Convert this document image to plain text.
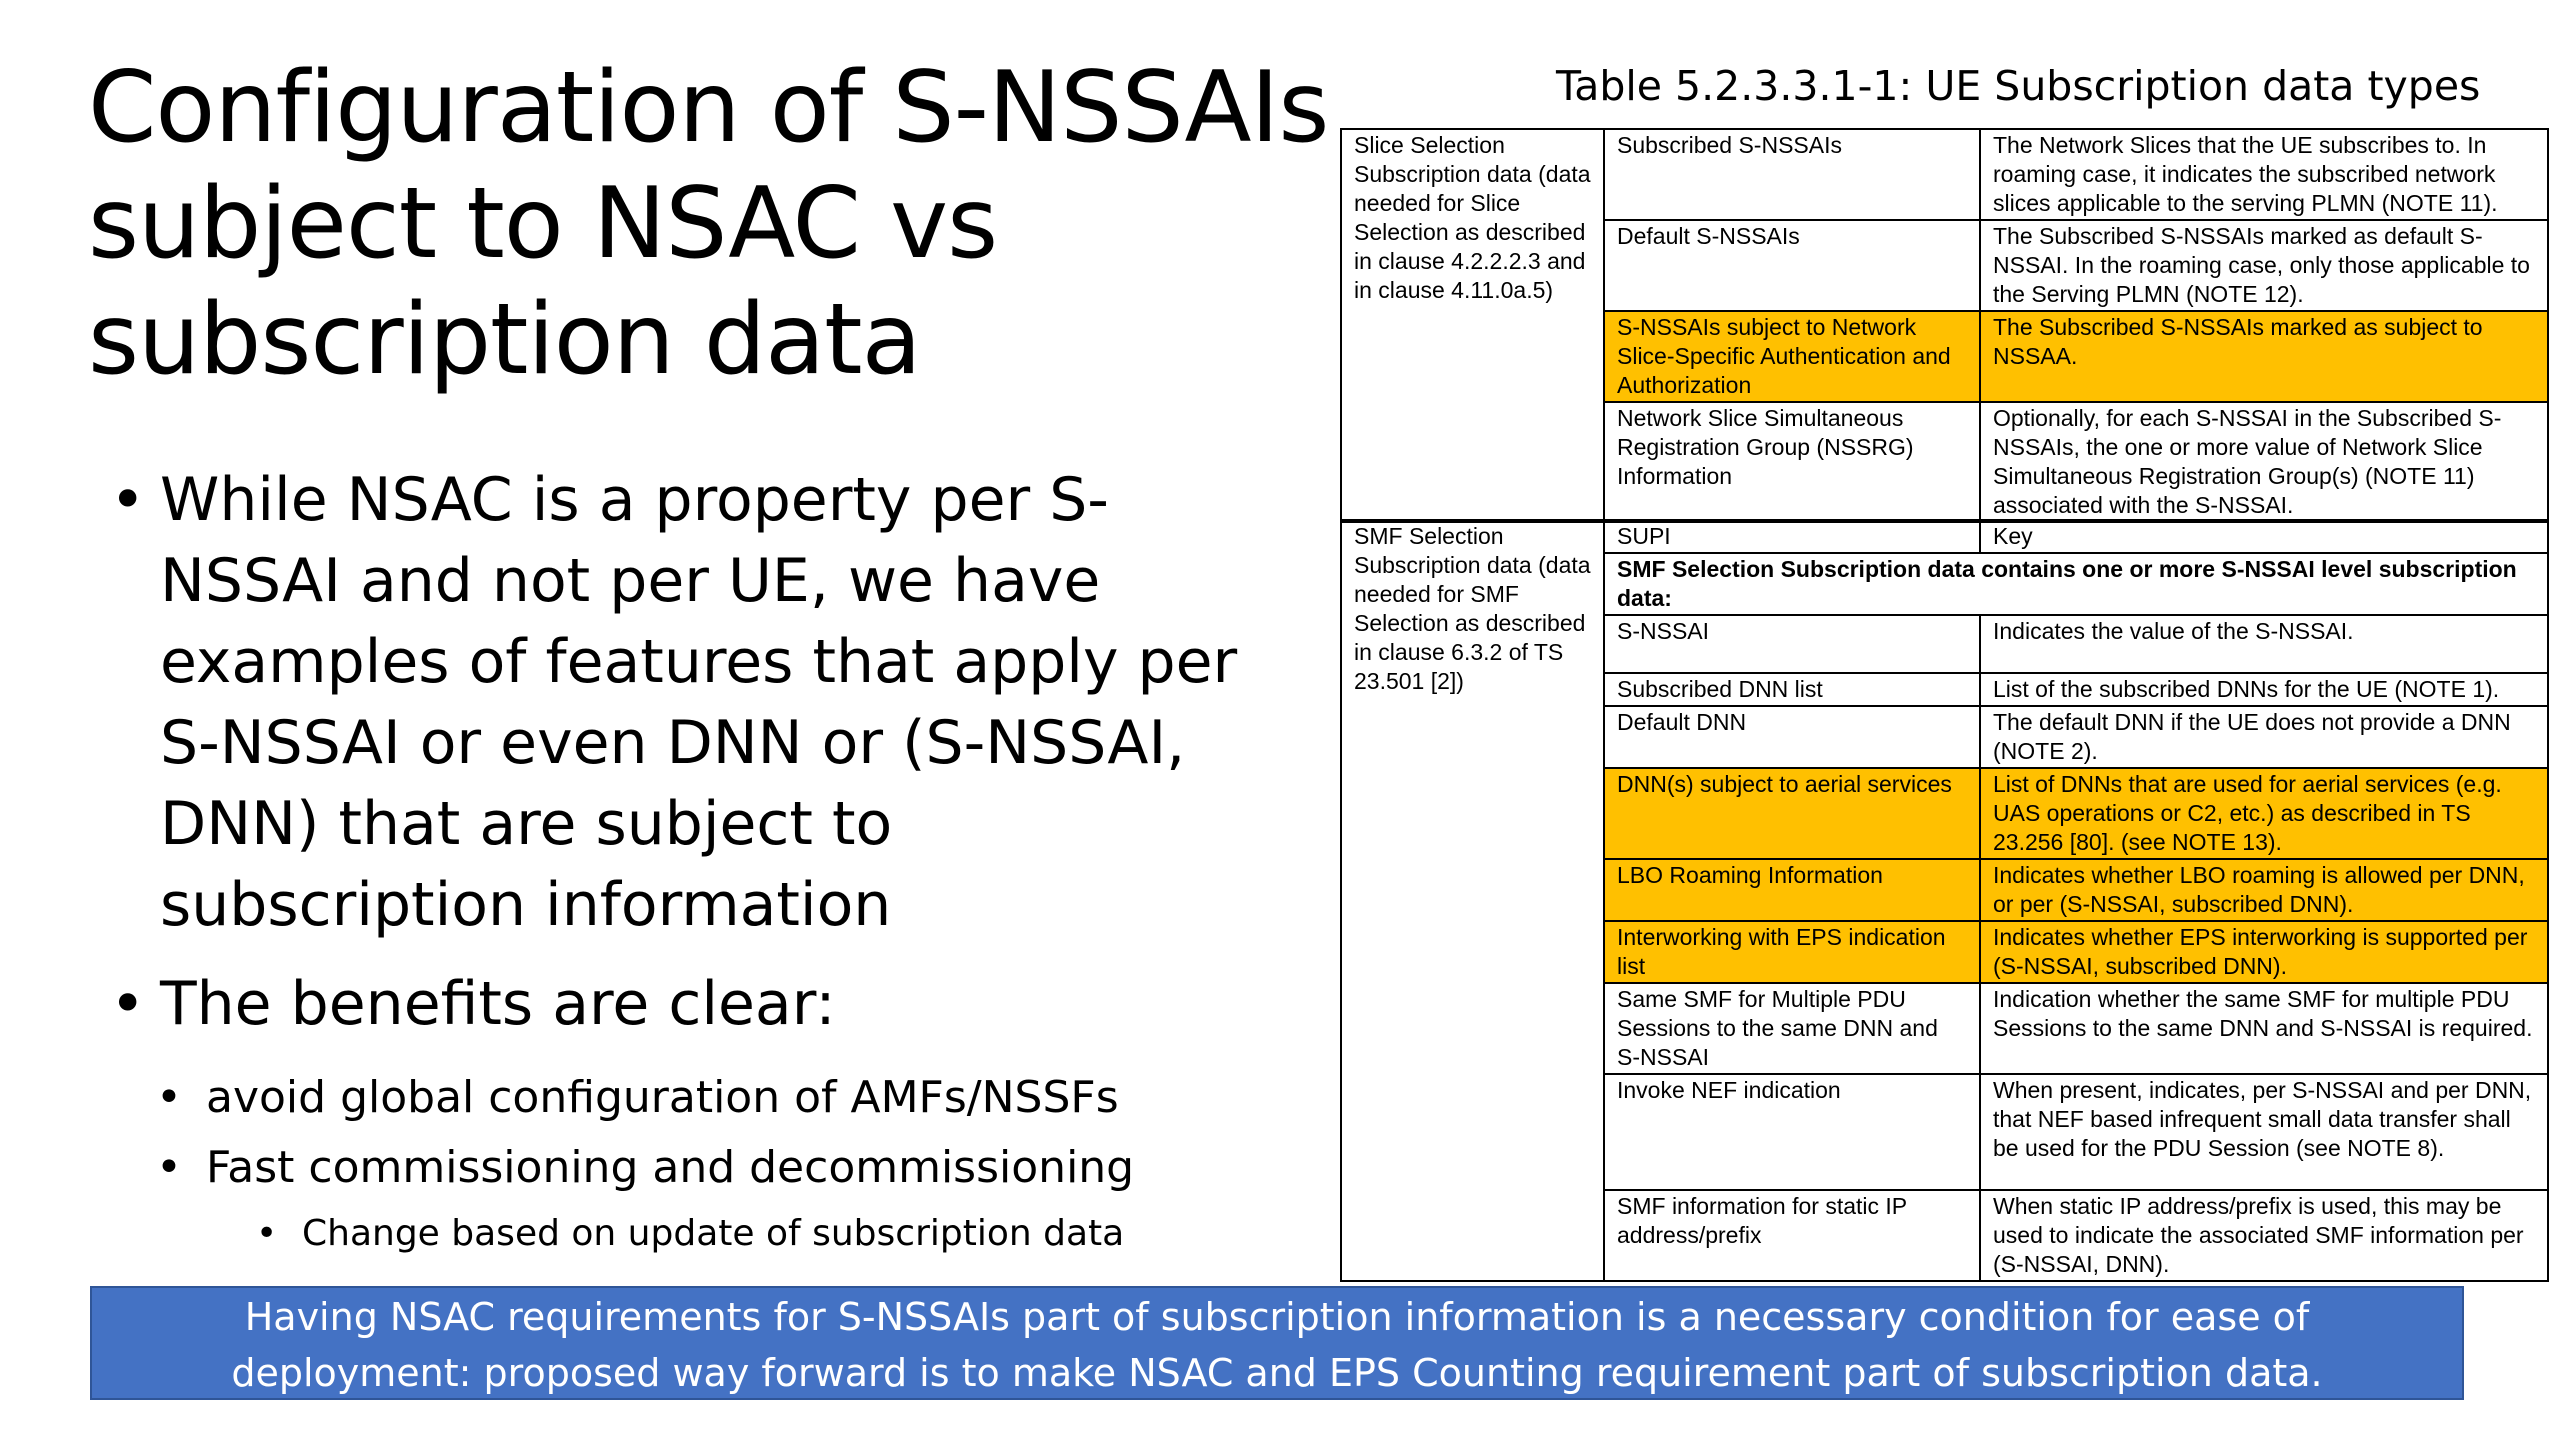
Configuration of S-NSSAIs
subject to NSAC vs
subscription data
• While NSAC is a property per S-
NSSAI and not per UE, we have
examples of features that apply per
S-NSSAI or even DNN or (S-NSSAI,
DNN) that are subject to
subscription information
• The benefits are clear:
• avoid global configuration of AMFs/NSSFs
• Fast commissioning and decommissioning
• Change based on update of subscription data
Table 5.2.3.3.1-1: UE Subscription data types
Slice Selection Subscription data (data needed for Slice Selection as described in clause 4.2.2.2.3 and in clause 4.11.0a.5)	Subscribed S-NSSAIs	The Network Slices that the UE subscribes to. In roaming case, it indicates the subscribed network slices applicable to the serving PLMN (NOTE 11).
	Default S-NSSAIs	The Subscribed S-NSSAIs marked as default S-NSSAI. In the roaming case, only those applicable to the Serving PLMN (NOTE 12).
	S-NSSAIs subject to Network Slice-Specific Authentication and Authorization	The Subscribed S-NSSAIs marked as subject to NSSAA.
	Network Slice Simultaneous Registration Group (NSSRG) Information	Optionally, for each S-NSSAI in the Subscribed S-NSSAIs, the one or more value of Network Slice Simultaneous Registration Group(s) (NOTE 11) associated with the S-NSSAI.
SMF Selection Subscription data (data needed for SMF Selection as described in clause 6.3.2 of TS 23.501 [2])	SUPI	Key
	SMF Selection Subscription data contains one or more S-NSSAI level subscription data:	
	S-NSSAI	Indicates the value of the S-NSSAI.
	Subscribed DNN list	List of the subscribed DNNs for the UE (NOTE 1).
	Default DNN	The default DNN if the UE does not provide a DNN (NOTE 2).
	DNN(s) subject to aerial services	List of DNNs that are used for aerial services (e.g. UAS operations or C2, etc.) as described in TS 23.256 [80]. (see NOTE 13).
	LBO Roaming Information	Indicates whether LBO roaming is allowed per DNN, or per (S-NSSAI, subscribed DNN).
	Interworking with EPS indication list	Indicates whether EPS interworking is supported per (S-NSSAI, subscribed DNN).
	Same SMF for Multiple PDU Sessions to the same DNN and S-NSSAI	Indication whether the same SMF for multiple PDU Sessions to the same DNN and S-NSSAI is required.
	Invoke NEF indication	When present, indicates, per S-NSSAI and per DNN, that NEF based infrequent small data transfer shall be used for the PDU Session (see NOTE 8).
	SMF information for static IP address/prefix	When static IP address/prefix is used, this may be used to indicate the associated SMF information per (S-NSSAI, DNN).
Having NSAC requirements for S-NSSAIs part of subscription information is a necessary condition for ease of
deployment: proposed way forward is to make NSAC and EPS Counting requirement part of subscription data.
